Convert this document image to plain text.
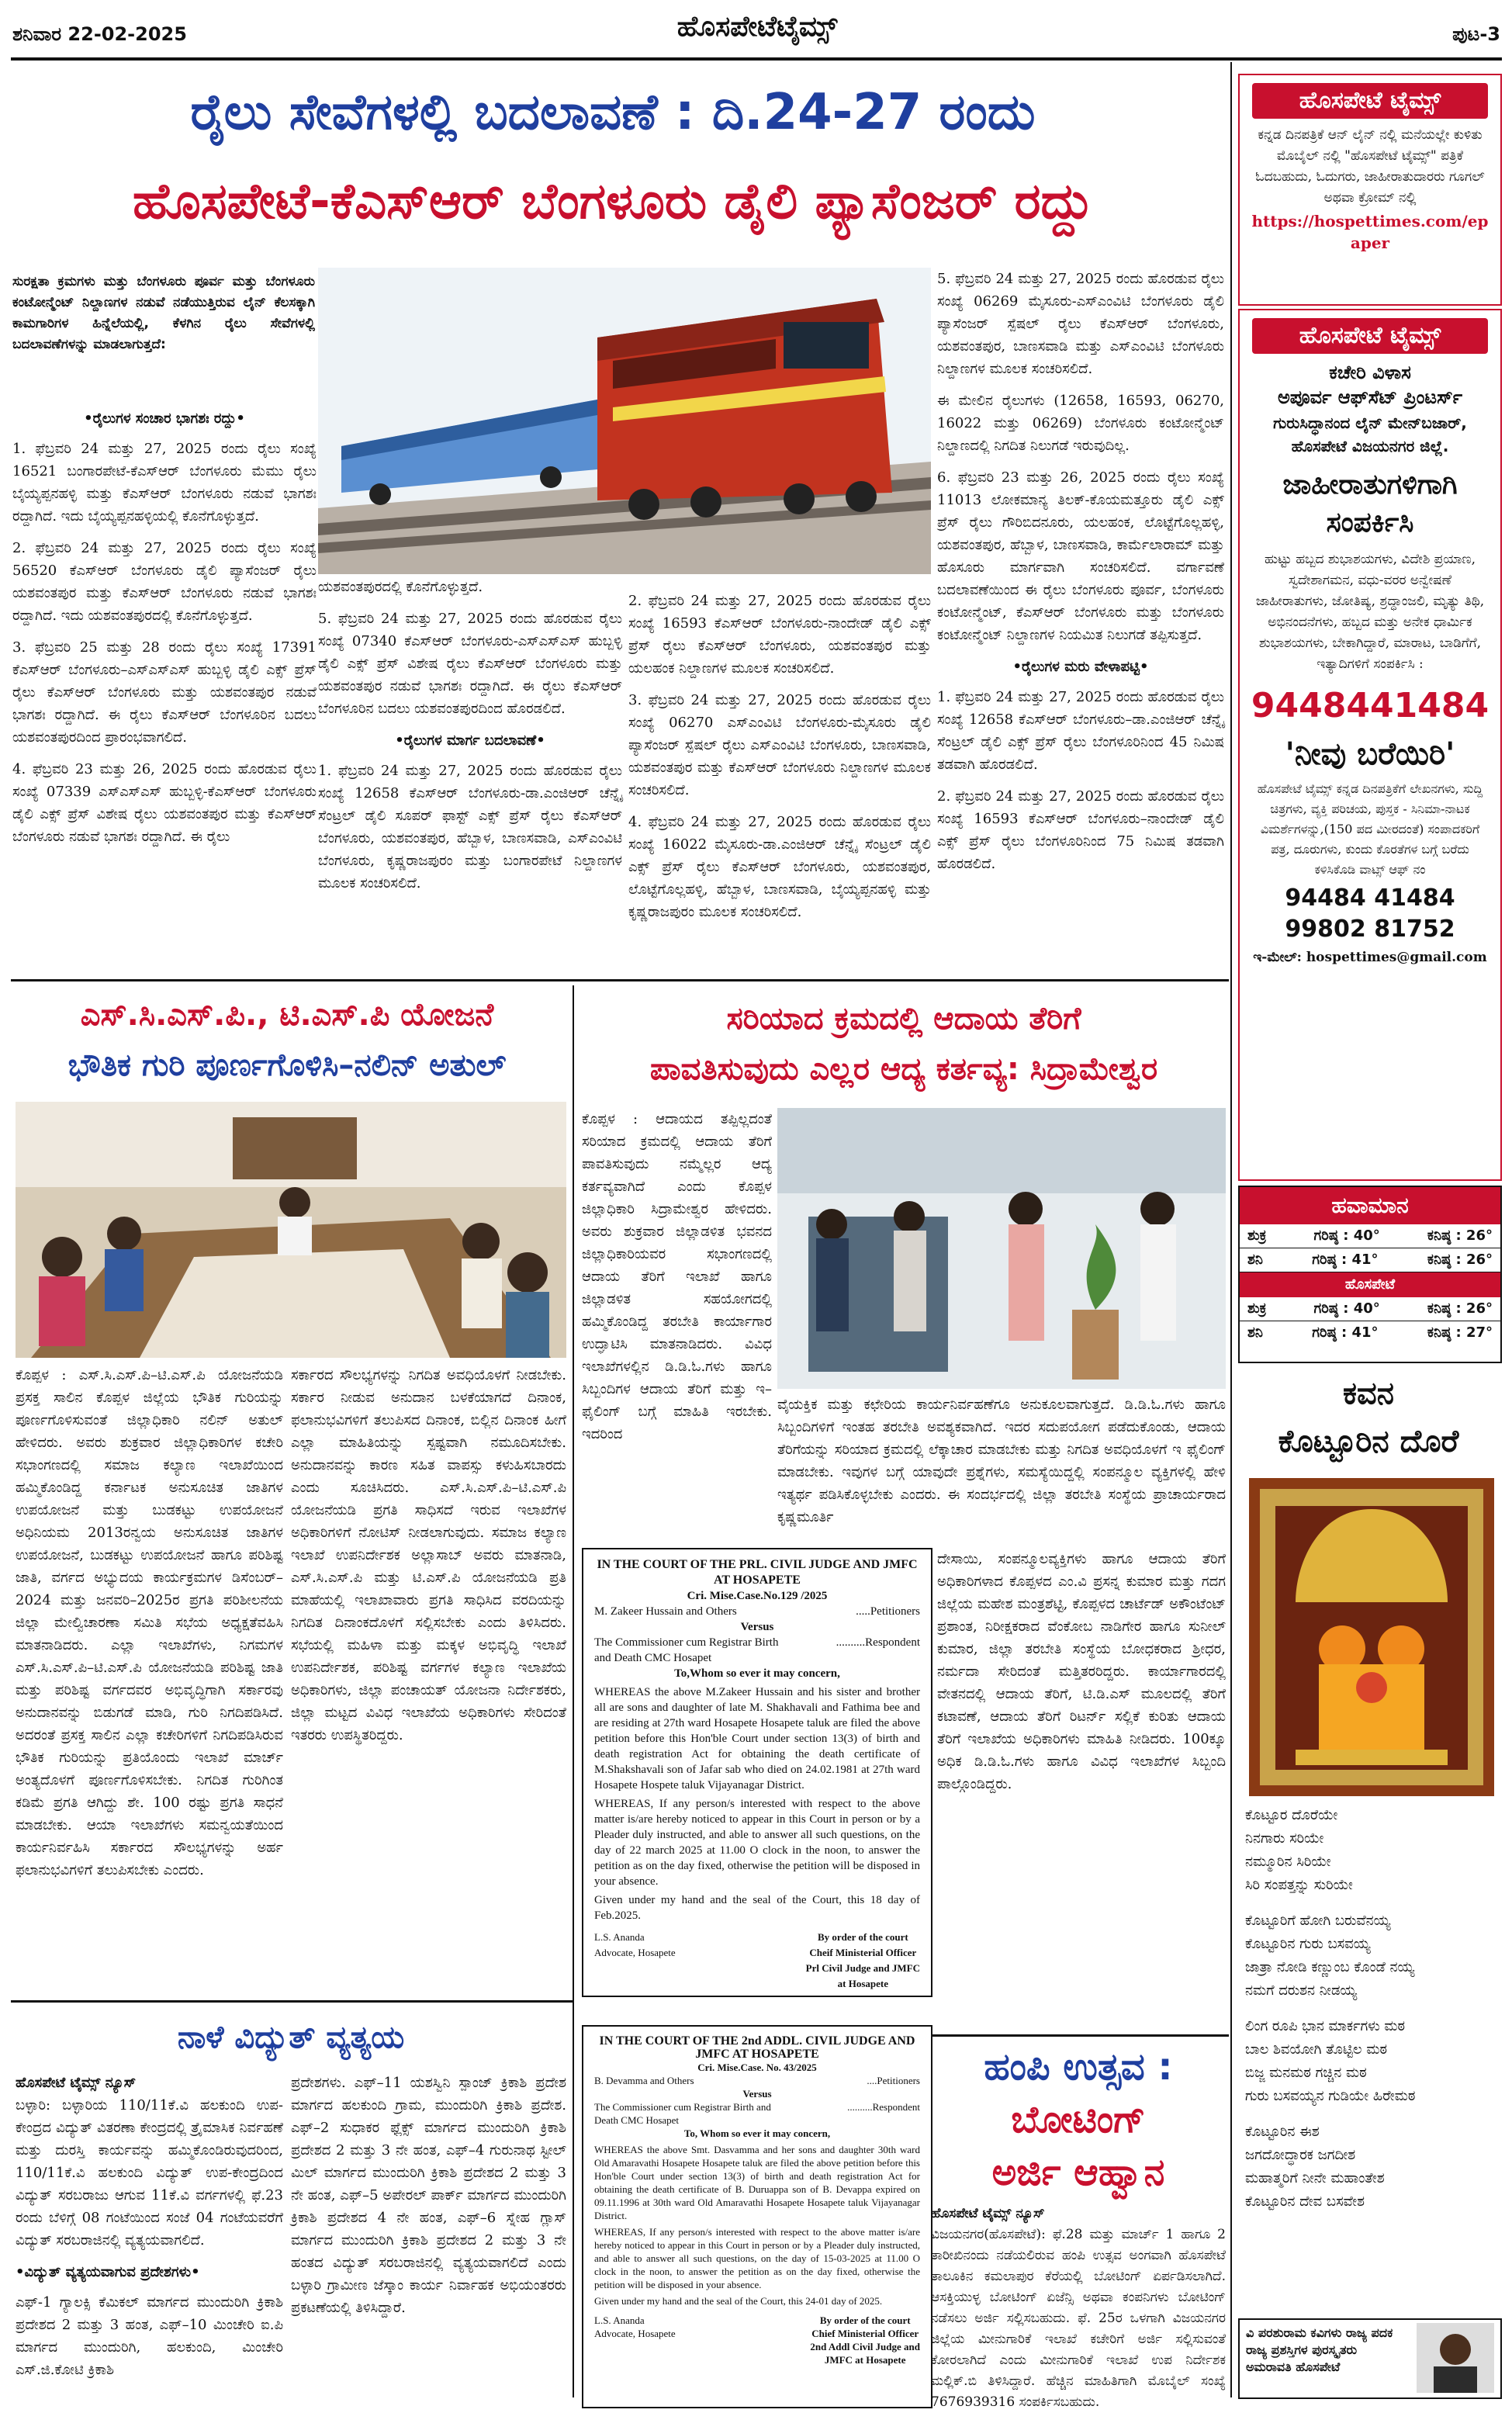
ಶನಿವಾರ 22-02-2025	ಹೊಸಪೇಟೆಟೈಮ್ಸ್	ಪುಟ-3
ರೈಲು ಸೇವೆಗಳಲ್ಲಿ ಬದಲಾವಣೆ : ದಿ.24-27 ರಂದು
ಹೊಸಪೇಟೆ-ಕೆಎಸ್‌ಆರ್ ಬೆಂಗಳೂರು ಡೈಲಿ ಪ್ಯಾಸೆಂಜರ್ ರದ್ದು
ಸುರಕ್ಷತಾ ಕ್ರಮಗಳು ಮತ್ತು ಬೆಂಗಳೂರು ಪೂರ್ವ ಮತ್ತು ಬೆಂಗಳೂರು ಕಂಟೋನ್ಮೆಂಟ್ ನಿಲ್ದಾಣಗಳ ನಡುವೆ ನಡೆಯುತ್ತಿರುವ ಲೈನ್ ಕೆಲಸಕ್ಕಾಗಿ ಕಾಮಗಾರಿಗಳ ಹಿನ್ನೆಲೆಯಲ್ಲಿ, ಕೆಳಗಿನ ರೈಲು ಸೇವೆಗಳಲ್ಲಿ ಬದಲಾವಣೆಗಳನ್ನು ಮಾಡಲಾಗುತ್ತದೆ:
•ರೈಲುಗಳ ಸಂಚಾರ ಭಾಗಶಃ ರದ್ದು•

1. ಫೆಬ್ರವರಿ 24 ಮತ್ತು 27, 2025 ರಂದು ರೈಲು ಸಂಖ್ಯೆ 16521 ಬಂಗಾರಪೇಟೆ-ಕೆಎಸ್ಆರ್ ಬೆಂಗಳೂರು ಮೆಮು ರೈಲು ಬೈಯ್ಯಪ್ಪನಹಳ್ಳಿ ಮತ್ತು ಕೆಎಸ್ಆರ್ ಬೆಂಗಳೂರು ನಡುವೆ ಭಾಗಶಃ ರದ್ದಾಗಿದೆ. ಇದು ಬೈಯ್ಯಪ್ಪನಹಳ್ಳಿಯಲ್ಲಿ ಕೊನೆಗೊಳ್ಳುತ್ತದೆ.

2. ಫೆಬ್ರವರಿ 24 ಮತ್ತು 27, 2025 ರಂದು ರೈಲು ಸಂಖ್ಯೆ 56520 ಕೆಎಸ್ಆರ್ ಬೆಂಗಳೂರು ಡೈಲಿ ಪ್ಯಾಸೆಂಜರ್ ರೈಲು ಯಶವಂತಪುರ ಮತ್ತು ಕೆಎಸ್ಆರ್ ಬೆಂಗಳೂರು ನಡುವೆ ಭಾಗಶಃ ರದ್ದಾಗಿದೆ. ಇದು ಯಶವಂತಪುರದಲ್ಲಿ ಕೊನೆಗೊಳ್ಳುತ್ತದೆ.

3. ಫೆಬ್ರವರಿ 25 ಮತ್ತು 28 ರಂದು ರೈಲು ಸಂಖ್ಯೆ 17391 ಕೆಎಸ್ಆರ್ ಬೆಂಗಳೂರು–ಎಸ್ಎಸ್ಎಸ್ ಹುಬ್ಬಳ್ಳಿ ಡೈಲಿ ಎಕ್ಸ್ ಪ್ರೆಸ್ ರೈಲು ಕೆಎಸ್ಆರ್ ಬೆಂಗಳೂರು ಮತ್ತು ಯಶವಂತಪುರ ನಡುವೆ ಭಾಗಶಃ ರದ್ದಾಗಿದೆ. ಈ ರೈಲು ಕೆಎಸ್ಆರ್ ಬೆಂಗಳೂರಿನ ಬದಲು ಯಶವಂತಪುರದಿಂದ ಪ್ರಾರಂಭವಾಗಲಿದೆ.

4. ಫೆಬ್ರವರಿ 23 ಮತ್ತು 26, 2025 ರಂದು ಹೊರಡುವ ರೈಲು ಸಂಖ್ಯೆ 07339 ಎಸ್ಎಸ್ಎಸ್ ಹುಬ್ಬಳ್ಳಿ-ಕೆಎಸ್ಆರ್ ಬೆಂಗಳೂರು ಡೈಲಿ ಎಕ್ಸ್ ಪ್ರೆಸ್ ವಿಶೇಷ ರೈಲು ಯಶವಂತಪುರ ಮತ್ತು ಕೆಎಸ್ಆರ್ ಬೆಂಗಳೂರು ನಡುವೆ ಭಾಗಶಃ ರದ್ದಾಗಿದೆ. ಈ ರೈಲು

ಯಶವಂತಪುರದಲ್ಲಿ ಕೊನೆಗೊಳ್ಳುತ್ತದೆ.

5. ಫೆಬ್ರವರಿ 24 ಮತ್ತು 27, 2025 ರಂದು ಹೊರಡುವ ರೈಲು ಸಂಖ್ಯೆ 07340 ಕೆಎಸ್ಆರ್ ಬೆಂಗಳೂರು-ಎಸ್ಎಸ್ಎಸ್ ಹುಬ್ಬಳ್ಳಿ ಡೈಲಿ ಎಕ್ಸ್ ಪ್ರೆಸ್ ವಿಶೇಷ ರೈಲು ಕೆಎಸ್ಆರ್ ಬೆಂಗಳೂರು ಮತ್ತು ಯಶವಂತಪುರ ನಡುವೆ ಭಾಗಶಃ ರದ್ದಾಗಿದೆ. ಈ ರೈಲು ಕೆಎಸ್ಆರ್ ಬೆಂಗಳೂರಿನ ಬದಲು ಯಶವಂತಪುರದಿಂದ ಹೊರಡಲಿದೆ.

•ರೈಲುಗಳ ಮಾರ್ಗ ಬದಲಾವಣೆ•

1. ಫೆಬ್ರವರಿ 24 ಮತ್ತು 27, 2025 ರಂದು ಹೊರಡುವ ರೈಲು ಸಂಖ್ಯೆ 12658 ಕೆಎಸ್ಆರ್ ಬೆಂಗಳೂರು-ಡಾ.ಎಂಜಿಆರ್ ಚೆನ್ನೈ ಸೆಂಟ್ರಲ್ ಡೈಲಿ ಸೂಪರ್ ಫಾಸ್ಟ್ ಎಕ್ಸ್ ಪ್ರೆಸ್ ರೈಲು ಕೆಎಸ್ಆರ್ ಬೆಂಗಳೂರು, ಯಶವಂತಪುರ, ಹೆಬ್ಬಾಳ, ಬಾಣಸವಾಡಿ, ಎಸ್ಎಂವಿಟಿ ಬೆಂಗಳೂರು, ಕೃಷ್ಣರಾಜಪುರಂ ಮತ್ತು ಬಂಗಾರಪೇಟೆ ನಿಲ್ದಾಣಗಳ ಮೂಲಕ ಸಂಚರಿಸಲಿದೆ.

2. ಫೆಬ್ರವರಿ 24 ಮತ್ತು 27, 2025 ರಂದು ಹೊರಡುವ ರೈಲು ಸಂಖ್ಯೆ 16593 ಕೆಎಸ್ಆರ್ ಬೆಂಗಳೂರು-ನಾಂದೇಡ್ ಡೈಲಿ ಎಕ್ಸ್ ಪ್ರೆಸ್ ರೈಲು ಕೆಎಸ್ಆರ್ ಬೆಂಗಳೂರು, ಯಶವಂತಪುರ ಮತ್ತು ಯಲಹಂಕ ನಿಲ್ದಾಣಗಳ ಮೂಲಕ ಸಂಚರಿಸಲಿದೆ.

3. ಫೆಬ್ರವರಿ 24 ಮತ್ತು 27, 2025 ರಂದು ಹೊರಡುವ ರೈಲು ಸಂಖ್ಯೆ 06270 ಎಸ್ಎಂವಿಟಿ ಬೆಂಗಳೂರು-ಮೈಸೂರು ಡೈಲಿ ಪ್ಯಾಸೆಂಜರ್ ಸ್ಪೆಷಲ್ ರೈಲು ಎಸ್ಎಂವಿಟಿ ಬೆಂಗಳೂರು, ಬಾಣಸವಾಡಿ, ಯಶವಂತಪುರ ಮತ್ತು ಕೆಎಸ್ಆರ್ ಬೆಂಗಳೂರು ನಿಲ್ದಾಣಗಳ ಮೂಲಕ ಸಂಚರಿಸಲಿದೆ.

4. ಫೆಬ್ರವರಿ 24 ಮತ್ತು 27, 2025 ರಂದು ಹೊರಡುವ ರೈಲು ಸಂಖ್ಯೆ 16022 ಮೈಸೂರು-ಡಾ.ಎಂಜಿಆರ್ ಚೆನ್ನೈ ಸೆಂಟ್ರಲ್ ಡೈಲಿ ಎಕ್ಸ್ ಪ್ರೆಸ್ ರೈಲು ಕೆಎಸ್ಆರ್ ಬೆಂಗಳೂರು, ಯಶವಂತಪುರ, ಲೊಟ್ಟೆಗೊಲ್ಲಹಳ್ಳಿ, ಹೆಬ್ಬಾಳ, ಬಾಣಸವಾಡಿ, ಬೈಯ್ಯಪ್ಪನಹಳ್ಳಿ ಮತ್ತು ಕೃಷ್ಣರಾಜಪುರಂ ಮೂಲಕ ಸಂಚರಿಸಲಿದೆ.

5. ಫೆಬ್ರವರಿ 24 ಮತ್ತು 27, 2025 ರಂದು ಹೊರಡುವ ರೈಲು ಸಂಖ್ಯೆ 06269 ಮೈಸೂರು-ಎಸ್ಎಂವಿಟಿ ಬೆಂಗಳೂರು ಡೈಲಿ ಪ್ಯಾಸೆಂಜರ್ ಸ್ಪೆಷಲ್ ರೈಲು ಕೆಎಸ್ಆರ್ ಬೆಂಗಳೂರು, ಯಶವಂತಪುರ, ಬಾಣಸವಾಡಿ ಮತ್ತು ಎಸ್ಎಂವಿಟಿ ಬೆಂಗಳೂರು ನಿಲ್ದಾಣಗಳ ಮೂಲಕ ಸಂಚರಿಸಲಿದೆ.

ಈ ಮೇಲಿನ ರೈಲುಗಳು (12658, 16593, 06270, 16022 ಮತ್ತು 06269) ಬೆಂಗಳೂರು ಕಂಟೋನ್ಮೆಂಟ್ ನಿಲ್ದಾಣದಲ್ಲಿ ನಿಗದಿತ ನಿಲುಗಡೆ ಇರುವುದಿಲ್ಲ.

6. ಫೆಬ್ರವರಿ 23 ಮತ್ತು 26, 2025 ರಂದು ರೈಲು ಸಂಖ್ಯೆ 11013 ಲೋಕಮಾನ್ಯ ತಿಲಕ್-ಕೊಯಮತ್ತೂರು ಡೈಲಿ ಎಕ್ಸ್ ಪ್ರೆಸ್ ರೈಲು ಗೌರಿಬಿದನೂರು, ಯಲಹಂಕ, ಲೊಟ್ಟೆಗೊಲ್ಲಹಳ್ಳಿ, ಯಶವಂತಪುರ, ಹೆಬ್ಬಾಳ, ಬಾಣಸವಾಡಿ, ಕಾರ್ಮೆಲಾರಾಮ್ ಮತ್ತು ಹೊಸೂರು ಮಾರ್ಗವಾಗಿ ಸಂಚರಿಸಲಿದೆ. ವರ್ಗಾವಣೆ ಬದಲಾವಣೆಯಿಂದ ಈ ರೈಲು ಬೆಂಗಳೂರು ಪೂರ್ವ, ಬೆಂಗಳೂರು ಕಂಟೋನ್ಮೆಂಟ್, ಕೆಎಸ್ಆರ್ ಬೆಂಗಳೂರು ಮತ್ತು ಬೆಂಗಳೂರು ಕಂಟೋನ್ಮೆಂಟ್ ನಿಲ್ದಾಣಗಳ ನಿಯಮಿತ ನಿಲುಗಡೆ ತಪ್ಪಿಸುತ್ತದೆ.

•ರೈಲುಗಳ ಮರು ವೇಳಾಪಟ್ಟಿ•

1. ಫೆಬ್ರವರಿ 24 ಮತ್ತು 27, 2025 ರಂದು ಹೊರಡುವ ರೈಲು ಸಂಖ್ಯೆ 12658 ಕೆಎಸ್ಆರ್ ಬೆಂಗಳೂರು–ಡಾ.ಎಂಜಿಆರ್ ಚೆನ್ನೈ ಸೆಂಟ್ರಲ್ ಡೈಲಿ ಎಕ್ಸ್ ಪ್ರೆಸ್ ರೈಲು ಬೆಂಗಳೂರಿನಿಂದ 45 ನಿಮಿಷ ತಡವಾಗಿ ಹೊರಡಲಿದೆ.

2. ಫೆಬ್ರವರಿ 24 ಮತ್ತು 27, 2025 ರಂದು ಹೊರಡುವ ರೈಲು ಸಂಖ್ಯೆ 16593 ಕೆಎಸ್ಆರ್ ಬೆಂಗಳೂರು–ನಾಂದೇಡ್ ಡೈಲಿ ಎಕ್ಸ್ ಪ್ರೆಸ್ ರೈಲು ಬೆಂಗಳೂರಿನಿಂದ 75 ನಿಮಿಷ ತಡವಾಗಿ ಹೊರಡಲಿದೆ.

ಎಸ್.ಸಿ.ಎಸ್.ಪಿ., ಟಿ.ಎಸ್.ಪಿ ಯೋಜನೆ
ಭೌತಿಕ ಗುರಿ ಪೂರ್ಣಗೊಳಿಸಿ–ನಲಿನ್ ಅತುಲ್
ಕೊಪ್ಪಳ : ಎಸ್.ಸಿ.ಎಸ್.ಪಿ–ಟಿ.ಎಸ್.ಪಿ ಯೋಜನೆಯಡಿ ಪ್ರಸಕ್ತ ಸಾಲಿನ ಕೊಪ್ಪಳ ಜಿಲ್ಲೆಯ ಭೌತಿಕ ಗುರಿಯನ್ನು ಪೂರ್ಣಗೊಳಿಸುವಂತೆ ಜಿಲ್ಲಾಧಿಕಾರಿ ನಲಿನ್ ಅತುಲ್ ಹೇಳಿದರು. ಅವರು ಶುಕ್ರವಾರ ಜಿಲ್ಲಾಧಿಕಾರಿಗಳ ಕಚೇರಿ ಸಭಾಂಗಣದಲ್ಲಿ ಸಮಾಜ ಕಲ್ಯಾಣ ಇಲಾಖೆಯಿಂದ ಹಮ್ಮಿಕೊಂಡಿದ್ದ ಕರ್ನಾಟಕ ಅನುಸೂಚಿತ ಜಾತಿಗಳ ಉಪಯೋಜನೆ ಮತ್ತು ಬುಡಕಟ್ಟು ಉಪಯೋಜನೆ ಅಧಿನಿಯಮ 2013ರನ್ವಯ ಅನುಸೂಚಿತ ಜಾತಿಗಳ ಉಪಯೋಜನೆ, ಬುಡಕಟ್ಟು ಉಪಯೋಜನೆ ಹಾಗೂ ಪರಿಶಿಷ್ಟ ಜಾತಿ, ವರ್ಗದ ಅಭ್ಯುದಯ ಕಾರ್ಯಕ್ರಮಗಳ ಡಿಸೆಂಬರ್–2024 ಮತ್ತು ಜನವರಿ–2025ರ ಪ್ರಗತಿ ಪರಿಶೀಲನೆಯ ಜಿಲ್ಲಾ ಮೇಲ್ವಿಚಾರಣಾ ಸಮಿತಿ ಸಭೆಯ ಅಧ್ಯಕ್ಷತೆವಹಿಸಿ ಮಾತನಾಡಿದರು. ಎಲ್ಲಾ ಇಲಾಖೆಗಳು, ನಿಗಮಗಳ ಎಸ್.ಸಿ.ಎಸ್.ಪಿ–ಟಿ.ಎಸ್.ಪಿ ಯೋಜನೆಯಡಿ ಪರಿಶಿಷ್ಟ ಜಾತಿ ಮತ್ತು ಪರಿಶಿಷ್ಟ ವರ್ಗದವರ ಅಭಿವೃದ್ಧಿಗಾಗಿ ಸರ್ಕಾರವು ಅನುದಾನವನ್ನು ಬಿಡುಗಡೆ ಮಾಡಿ, ಗುರಿ ನಿಗದಿಪಡಿಸಿದೆ. ಅದರಂತೆ ಪ್ರಸಕ್ತ ಸಾಲಿನ ಎಲ್ಲಾ ಕಚೇರಿಗಳಿಗೆ ನಿಗದಿಪಡಿಸಿರುವ ಭೌತಿಕ ಗುರಿಯನ್ನು ಪ್ರತಿಯೊಂದು ಇಲಾಖೆ ಮಾರ್ಚ್ ಅಂತ್ಯದೊಳಗೆ ಪೂರ್ಣಗೊಳಿಸಬೇಕು. ನಿಗದಿತ ಗುರಿಗಿಂತ ಕಡಿಮೆ ಪ್ರಗತಿ ಆಗಿದ್ದು ಶೇ. 100 ರಷ್ಟು ಪ್ರಗತಿ ಸಾಧನೆ ಮಾಡಬೇಕು. ಆಯಾ ಇಲಾಖೆಗಳು ಸಮನ್ವಯತೆಯಿಂದ ಕಾರ್ಯನಿರ್ವಹಿಸಿ ಸರ್ಕಾರದ ಸೌಲಭ್ಯಗಳನ್ನು ಅರ್ಹ ಫಲಾನುಭವಿಗಳಿಗೆ ತಲುಪಿಸಬೇಕು ಎಂದರು.
ಸರ್ಕಾರದ ಸೌಲಭ್ಯಗಳನ್ನು ನಿಗದಿತ ಅವಧಿಯೊಳಗೆ ನೀಡಬೇಕು. ಸರ್ಕಾರ ನೀಡುವ ಅನುದಾನ ಬಳಕೆಯಾಗದೆ ದಿನಾಂಕ, ಫಲಾನುಭವಿಗಳಿಗೆ ತಲುಪಿಸದ ದಿನಾಂಕ, ಬಿಲ್ಲಿನ ದಿನಾಂಕ ಹೀಗೆ ಎಲ್ಲಾ ಮಾಹಿತಿಯನ್ನು ಸ್ಪಷ್ಟವಾಗಿ ನಮೂದಿಸಬೇಕು. ಅನುದಾನವನ್ನು ಕಾರಣ ಸಹಿತ ವಾಪಸ್ಸು ಕಳುಹಿಸಬಾರದು ಎಂದು ಸೂಚಿಸಿದರು. ಎಸ್.ಸಿ.ಎಸ್.ಪಿ–ಟಿ.ಎಸ್.ಪಿ ಯೋಜನೆಯಡಿ ಪ್ರಗತಿ ಸಾಧಿಸದೆ ಇರುವ ಇಲಾಖೆಗಳ ಅಧಿಕಾರಿಗಳಿಗೆ ನೋಟಿಸ್ ನೀಡಲಾಗುವುದು. ಸಮಾಜ ಕಲ್ಯಾಣ ಇಲಾಖೆ ಉಪನಿರ್ದೇಶಕ ಅಲ್ಲಾಸಾಬ್ ಅವರು ಮಾತನಾಡಿ, ಎಸ್.ಸಿ.ಎಸ್.ಪಿ ಮತ್ತು ಟಿ.ಎಸ್.ಪಿ ಯೋಜನೆಯಡಿ ಪ್ರತಿ ಮಾಹೆಯಲ್ಲಿ ಇಲಾಖಾವಾರು ಪ್ರಗತಿ ಸಾಧಿಸಿದ ವರದಿಯನ್ನು ನಿಗದಿತ ದಿನಾಂಕದೊಳಗೆ ಸಲ್ಲಿಸಬೇಕು ಎಂದು ತಿಳಿಸಿದರು. ಸಭೆಯಲ್ಲಿ ಮಹಿಳಾ ಮತ್ತು ಮಕ್ಕಳ ಅಭಿವೃದ್ಧಿ ಇಲಾಖೆ ಉಪನಿರ್ದೇಶಕ, ಪರಿಶಿಷ್ಟ ವರ್ಗಗಳ ಕಲ್ಯಾಣ ಇಲಾಖೆಯ ಅಧಿಕಾರಿಗಳು, ಜಿಲ್ಲಾ ಪಂಚಾಯತ್ ಯೋಜನಾ ನಿರ್ದೇಶಕರು, ಜಿಲ್ಲಾ ಮಟ್ಟದ ವಿವಿಧ ಇಲಾಖೆಯ ಅಧಿಕಾರಿಗಳು ಸೇರಿದಂತೆ ಇತರರು ಉಪಸ್ಥಿತರಿದ್ದರು.
ಸರಿಯಾದ ಕ್ರಮದಲ್ಲಿ ಆದಾಯ ತೆರಿಗೆ
ಪಾವತಿಸುವುದು ಎಲ್ಲರ ಆದ್ಯ ಕರ್ತವ್ಯ: ಸಿದ್ರಾಮೇಶ್ವರ
ಕೊಪ್ಪಳ : ಆದಾಯದ ತಪ್ಪಿಲ್ಲದಂತೆ ಸರಿಯಾದ ಕ್ರಮದಲ್ಲಿ ಆದಾಯ ತೆರಿಗೆ ಪಾವತಿಸುವುದು ನಮ್ಮೆಲ್ಲರ ಆದ್ಯ ಕರ್ತವ್ಯವಾಗಿದೆ ಎಂದು ಕೊಪ್ಪಳ ಜಿಲ್ಲಾಧಿಕಾರಿ ಸಿದ್ರಾಮೇಶ್ವರ ಹೇಳಿದರು. ಅವರು ಶುಕ್ರವಾರ ಜಿಲ್ಲಾಡಳಿತ ಭವನದ ಜಿಲ್ಲಾಧಿಕಾರಿಯವರ ಸಭಾಂಗಣದಲ್ಲಿ ಆದಾಯ ತೆರಿಗೆ ಇಲಾಖೆ ಹಾಗೂ ಜಿಲ್ಲಾಡಳಿತ ಸಹಯೋಗದಲ್ಲಿ ಹಮ್ಮಿಕೊಂಡಿದ್ದ ತರಬೇತಿ ಕಾರ್ಯಾಗಾರ ಉದ್ಘಾಟಿಸಿ ಮಾತನಾಡಿದರು. ವಿವಿಧ ಇಲಾಖೆಗಳಲ್ಲಿನ ಡಿ.ಡಿ.ಓ.ಗಳು ಹಾಗೂ ಸಿಬ್ಬಂದಿಗಳ ಆದಾಯ ತೆರಿಗೆ ಮತ್ತು ಇ–ಫೈಲಿಂಗ್ ಬಗ್ಗೆ ಮಾಹಿತಿ ಇರಬೇಕು. ಇದರಿಂದ
ವೈಯಕ್ತಿಕ ಮತ್ತು ಕಛೇರಿಯ ಕಾರ್ಯನಿರ್ವಹಣೆಗೂ ಅನುಕೂಲವಾಗುತ್ತದೆ. ಡಿ.ಡಿ.ಓ.ಗಳು ಹಾಗೂ ಸಿಬ್ಬಂದಿಗಳಿಗೆ ಇಂತಹ ತರಬೇತಿ ಅವಶ್ಯಕವಾಗಿದೆ. ಇದರ ಸದುಪಯೋಗ ಪಡೆದುಕೊಂಡು, ಆದಾಯ ತೆರಿಗೆಯನ್ನು ಸರಿಯಾದ ಕ್ರಮದಲ್ಲಿ ಲೆಕ್ಕಾಚಾರ ಮಾಡಬೇಕು ಮತ್ತು ನಿಗದಿತ ಅವಧಿಯೊಳಗೆ ಇ ಫೈಲಿಂಗ್ ಮಾಡಬೇಕು. ಇವುಗಳ ಬಗ್ಗೆ ಯಾವುದೇ ಪ್ರಶ್ನೆಗಳು, ಸಮಸ್ಯೆಯಿದ್ದಲ್ಲಿ ಸಂಪನ್ಮೂಲ ವ್ಯಕ್ತಿಗಳಲ್ಲಿ ಹೇಳಿ ಇತ್ಯರ್ಥ ಪಡಿಸಿಕೊಳ್ಳಬೇಕು ಎಂದರು. ಈ ಸಂದರ್ಭದಲ್ಲಿ ಜಿಲ್ಲಾ ತರಬೇತಿ ಸಂಸ್ಥೆಯ ಪ್ರಾಚಾರ್ಯರಾದ ಕೃಷ್ಣಮೂರ್ತಿ
ದೇಸಾಯಿ, ಸಂಪನ್ಮೂಲವ್ಯಕ್ತಿಗಳು ಹಾಗೂ ಆದಾಯ ತೆರಿಗೆ ಅಧಿಕಾರಿಗಳಾದ ಕೊಪ್ಪಳದ ಎಂ.ವಿ ಪ್ರಸನ್ನ ಕುಮಾರ ಮತ್ತು ಗದಗ ಜಿಲ್ಲೆಯ ಮಹೇಶ ಮಂತ್ರಶೆಟ್ಟಿ, ಕೊಪ್ಪಳದ ಚಾರ್ಟೆಡ್ ಅಕೌಂಟೆಂಟ್ ಪ್ರಶಾಂತ, ನಿರೀಕ್ಷಕರಾದ ವೆಂಕೋಬ ನಾಡಿಗೇರ ಹಾಗೂ ಸುನೀಲ್ ಕುಮಾರ, ಜಿಲ್ಲಾ ತರಬೇತಿ ಸಂಸ್ಥೆಯ ಬೋಧಕರಾದ ಶ್ರೀಧರ, ನರ್ಮದಾ ಸೇರಿದಂತೆ ಮತ್ತಿತರರಿದ್ದರು. ಕಾರ್ಯಾಗಾರದಲ್ಲಿ ವೇತನದಲ್ಲಿ ಆದಾಯ ತೆರಿಗೆ, ಟಿ.ಡಿ.ಎಸ್ ಮೂಲದಲ್ಲಿ ತೆರಿಗೆ ಕಟಾವಣೆ, ಆದಾಯ ತೆರಿಗೆ ರಿಟರ್ನ್ ಸಲ್ಲಿಕೆ ಕುರಿತು ಆದಾಯ ತೆರಿಗೆ ಇಲಾಖೆಯ ಅಧಿಕಾರಿಗಳು ಮಾಹಿತಿ ನೀಡಿದರು. 100ಕ್ಕೂ ಅಧಿಕ ಡಿ.ಡಿ.ಓ.ಗಳು ಹಾಗೂ ವಿವಿಧ ಇಲಾಖೆಗಳ ಸಿಬ್ಬಂದಿ ಪಾಲ್ಗೊಂಡಿದ್ದರು.
IN THE COURT OF THE PRL. CIVIL JUDGE AND JMFC AT HOSAPETE
Cri. Mise.Case.No.129 /2025
M. Zakeer Hussain and Others	.....Petitioners
Versus
The Commissioner cum Registrar Birth and Death CMC Hosapet
..........Respondent
To,Whom so ever it may concern,

WHEREAS the above M.Zakeer Hussain and his sister and brother all are sons and daughter of late M. Shakhavali and Fathima bee and are residing at 27th ward Hosapete Hosapete taluk are filed the above petition before this Hon'ble Court under section 13(3) of birth and death registration Act for obtaining the death certificate of M.Shakshavali son of Jafar sab who died on 24.02.1981 at 27th ward Hosapete Hospete taluk Vijayanagar District.

WHEREAS, If any person/s interested with respect to the above matter is/are hereby noticed to appear in this Court in person or by a Pleader duly instructed, and able to answer all such questions, on the day of 22 march 2025 at 11.00 O clock in the noon, to answer the petition as on the day fixed, otherwise the petition will be disposed in your absence.

Given under my hand and the seal of the Court, this 18 day of Feb.2025.

L.S. Ananda
Advocate, Hosapete
By order of the court
Cheif Ministerial Officer
Prl Civil Judge and JMFC
at Hosapete
IN THE COURT OF THE 2nd ADDL. CIVIL JUDGE AND JMFC AT HOSAPETE
Cri. Mise.Case. No. 43/2025
B. Devamma and Others	....Petitioners
Versus
The Commissioner cum Registrar Birth and Death CMC Hosapet
..........Respondent
To, Whom so ever it may concern,

WHEREAS the above Smt. Dasvamma and her sons and daughter 30th ward Old Amaravathi Hosapete Hosapete taluk are filed the above petition before this Hon'ble Court under section 13(3) of birth and death registration Act for obtaining the death certificate of B. Duruappa son of B. Devappa expired on 09.11.1996 at 30th ward Old Amaravathi Hosapete Hosapete taluk Vijayanagar District.

WHEREAS, If any person/s interested with respect to the above matter is/are hereby noticed to appear in this Court in person or by a Pleader duly instructed, and able to answer all such questions, on the day of 15-03-2025 at 11.00 O clock in the noon, to answer the petition as on the day fixed, otherwise the petition will be disposed in your absence.

Given under my hand and the seal of the Court, this 24-01 day of 2025.

L.S. Ananda
Advocate, Hosapete
By order of the court
Chief Ministerial Officer
2nd Addl Civil Judge and
JMFC at Hosapete
ನಾಳೆ ವಿದ್ಯುತ್ ವ್ಯತ್ಯಯ
ಹೊಸಪೇಟೆ ಟೈಮ್ಸ್ ನ್ಯೂಸ್

ಬಳ್ಳಾರಿ: ಬಳ್ಳಾರಿಯ 110/11ಕೆ.ವಿ ಹಲಕುಂದಿ ಉಪ-ಕೇಂದ್ರದ ವಿದ್ಯುತ್ ವಿತರಣಾ ಕೇಂದ್ರದಲ್ಲಿ ತ್ರೈಮಾಸಿಕ ನಿರ್ವಹಣೆ ಮತ್ತು ದುರಸ್ತಿ ಕಾರ್ಯವನ್ನು ಹಮ್ಮಿಕೊಂಡಿರುವುದರಿಂದ, 110/11ಕೆ.ವಿ ಹಲಕುಂದಿ ವಿದ್ಯುತ್ ಉಪ-ಕೇಂದ್ರದಿಂದ ವಿದ್ಯುತ್ ಸರಬರಾಜು ಆಗುವ 11ಕೆ.ವಿ ವರ್ಗಗಳಲ್ಲಿ ಫೆ.23 ರಂದು ಬೆಳಿಗ್ಗೆ 08 ಗಂಟೆಯಿಂದ ಸಂಜೆ 04 ಗಂಟೆಯವರೆಗೆ ವಿದ್ಯುತ್ ಸರಬರಾಜಿನಲ್ಲಿ ವ್ಯತ್ಯಯವಾಗಲಿದೆ.

•ವಿದ್ಯುತ್ ವ್ಯತ್ಯಯವಾಗುವ ಪ್ರದೇಶಗಳು•

ಎಫ್-1 ಗ್ಯಾಲಕ್ಸಿ ಕೆಮಿಕಲ್ ಮಾರ್ಗದ ಮುಂದುರಿಗಿ ಕ್ರಿಕಾಶಿ ಪ್ರದೇಶದ 2 ಮತ್ತು 3 ಹಂತ, ಎಫ್–10 ಮಿಂಚೇರಿ ಐ.ಪಿ ಮಾರ್ಗದ ಮುಂದುರಿಗಿ, ಹಲಕುಂದಿ, ಮಿಂಚೇರಿ ಎಸ್.ಜಿ.ಕೋಟಿ ಕ್ರಿಕಾಶಿ

ಪ್ರದೇಶಗಳು. ಎಫ್–11 ಯಶಸ್ವಿನಿ ಸ್ಪಾಂಜ್ ಕ್ರಿಕಾಶಿ ಪ್ರದೇಶ ಮಾರ್ಗದ ಹಲಕುಂದಿ ಗ್ರಾಮ, ಮುಂದುರಿಗಿ ಕ್ರಿಕಾಶಿ ಪ್ರದೇಶ. ಎಫ್–2 ಸುಧಾಕರ ಫ್ಲೆಕ್ಸ್ ಮಾರ್ಗದ ಮುಂದುರಿಗಿ ಕ್ರಿಕಾಶಿ ಪ್ರದೇಶದ 2 ಮತ್ತು 3 ನೇ ಹಂತ, ಎಫ್–4 ಗುರುನಾಥ ಸ್ಟೀಲ್ ಮಿಲ್ ಮಾರ್ಗದ ಮುಂದುರಿಗಿ ಕ್ರಿಕಾಶಿ ಪ್ರದೇಶದ 2 ಮತ್ತು 3 ನೇ ಹಂತ, ಎಫ್–5 ಅಪೇರಲ್ ಪಾರ್ಕ್ ಮಾರ್ಗದ ಮುಂದುರಿಗಿ ಕ್ರಿಕಾಶಿ ಪ್ರದೇಶದ 4 ನೇ ಹಂತ, ಎಫ್–6 ಸ್ನೇಹ ಗ್ಲಾಸ್ ಮಾರ್ಗದ ಮುಂದುರಿಗಿ ಕ್ರಿಕಾಶಿ ಪ್ರದೇಶದ 2 ಮತ್ತು 3 ನೇ ಹಂತದ ವಿದ್ಯುತ್ ಸರಬರಾಜಿನಲ್ಲಿ ವ್ಯತ್ಯಯವಾಗಲಿದೆ ಎಂದು ಬಳ್ಳಾರಿ ಗ್ರಾಮೀಣ ಜೆಸ್ಕಾಂ ಕಾರ್ಯ ನಿರ್ವಾಹಕ ಅಭಿಯಂತರರು ಪ್ರಕಟಣೆಯಲ್ಲಿ ತಿಳಿಸಿದ್ದಾರೆ.
ಹಂಪಿ ಉತ್ಸವ :
ಬೋಟಿಂಗ್
ಅರ್ಜಿ ಆಹ್ವಾನ
ಹೊಸಪೇಟೆ ಟೈಮ್ಸ್ ನ್ಯೂಸ್

ವಿಜಯನಗರ(ಹೊಸಪೇಟೆ): ಫೆ.28 ಮತ್ತು ಮಾರ್ಚ್ 1 ಹಾಗೂ 2 ತಾರೀಖಿನಂದು ನಡೆಯಲಿರುವ ಹಂಪಿ ಉತ್ಸವ ಅಂಗವಾಗಿ ಹೊಸಪೇಟೆ ತಾಲೂಕಿನ ಕಮಲಾಪುರ ಕೆರೆಯಲ್ಲಿ ಬೋಟಿಂಗ್ ಏರ್ಪಡಿಸಲಾಗಿದೆ. ಆಸಕ್ತಿಯುಳ್ಳ ಬೋಟಿಂಗ್ ಏಜೆನ್ಸಿ ಅಥವಾ ಕಂಪನಿಗಳು ಬೋಟಿಂಗ್ ನಡೆಸಲು ಅರ್ಜಿ ಸಲ್ಲಿಸಬಹುದು. ಫೆ. 25ರ ಒಳಗಾಗಿ ವಿಜಯನಗರ ಜಿಲ್ಲೆಯ ಮೀನುಗಾರಿಕೆ ಇಲಾಖೆ ಕಚೇರಿಗೆ ಅರ್ಜಿ ಸಲ್ಲಿಸುವಂತೆ ಕೋರಲಾಗಿದೆ ಎಂದು ಮೀನುಗಾರಿಕೆ ಇಲಾಖೆ ಉಪ ನಿರ್ದೇಶಕ ಮಲ್ಲಿಕ್.ಬಿ ತಿಳಿಸಿದ್ದಾರೆ. ಹೆಚ್ಚಿನ ಮಾಹಿತಿಗಾಗಿ ಮೊಬೈಲ್ ಸಂಖ್ಯೆ 7676939316 ಸಂಪರ್ಕಿಸಬಹುದು.

ಹೊಸಪೇಟೆ ಟೈಮ್ಸ್
ಕನ್ನಡ ದಿನಪತ್ರಿಕೆ ಆನ್ ಲೈನ್ ನಲ್ಲಿ ಮನೆಯಲ್ಲೇ ಕುಳಿತು ಮೊಬೈಲ್ ನಲ್ಲಿ "ಹೊಸಪೇಟೆ ಟೈಮ್ಸ್" ಪತ್ರಿಕೆ ಓದಬಹುದು, ಓದುಗರು, ಜಾಹೀರಾತುದಾರರು ಗೂಗಲ್ ಅಥವಾ ಕ್ರೋಮ್ ನಲ್ಲಿ
https://hospettimes.com/epaper
ಹೊಸಪೇಟೆ ಟೈಮ್ಸ್
ಕಚೇರಿ ವಿಳಾಸ
ಅಪೂರ್ವ ಆಫ್‌ಸೆಟ್ ಪ್ರಿಂಟರ್ಸ್
ಗುರುಸಿದ್ಧಾನಂದ ಲೈನ್ ಮೇನ್‌ಬಜಾರ್, ಹೊಸಪೇಟೆ ವಿಜಯನಗರ ಜಿಲ್ಲೆ.
ಜಾಹೀರಾತುಗಳಿಗಾಗಿ
ಸಂಪರ್ಕಿಸಿ
ಹುಟ್ಟು ಹಬ್ಬದ ಶುಭಾಶಯಗಳು, ವಿದೇಶಿ ಪ್ರಯಾಣ, ಸ್ವದೇಶಾಗಮನ, ವಧು-ವರರ ಅನ್ವೇಷಣೆ ಜಾಹೀರಾತುಗಳು, ಜೋತಿಷ್ಯ, ಶ್ರದ್ಧಾಂಜಲಿ, ಮೃತ್ಯು ತಿಥಿ, ಅಭಿನಂದನೆಗಳು, ಹಬ್ಬದ ಮತ್ತು ಅನೇಕ ಧಾರ್ಮಿಕ ಶುಭಾಶಯಗಳು, ಬೇಕಾಗಿದ್ದಾರೆ, ಮಾರಾಟ, ಬಾಡಿಗೆಗೆ, ಇತ್ಯಾದಿಗಳಿಗೆ ಸಂಪರ್ಕಿಸಿ :
9448441484
'ನೀವು ಬರೆಯಿರಿ'
ಹೊಸಪೇಟೆ ಟೈಮ್ಸ್ ಕನ್ನಡ ದಿನಪತ್ರಿಕೆಗೆ ಲೇಖನಗಳು, ಸುದ್ದಿ ಚಿತ್ರಗಳು, ವ್ಯಕ್ತಿ ಪರಿಚಯ, ಪುಸ್ತಕ - ಸಿನಿಮಾ-ನಾಟಕ ವಿಮರ್ಶೆಗಳನ್ನು,(150 ಪದ ಮೀರದಂತೆ) ಸಂಪಾದಕರಿಗೆ ಪತ್ರ, ದೂರುಗಳು, ಕುಂದು ಕೊರತೆಗಳ ಬಗ್ಗೆ ಬರೆದು ಕಳಿಸಿಕೊಡಿ ವಾಟ್ಸ್ ಆಫ್ ನಂ
94484 41484
99802 81752
ಇ-ಮೇಲ್: hospettimes@gmail.com
ಹವಾಮಾನ
ಶುಕ್ರ	ಗರಿಷ್ಠ : 40°	ಕನಿಷ್ಠ : 26°
ಶನಿ	ಗರಿಷ್ಠ : 41°	ಕನಿಷ್ಠ : 26°
ಹೊಸಪೇಟೆ
ಶುಕ್ರ	ಗರಿಷ್ಠ : 40°	ಕನಿಷ್ಠ : 26°
ಶನಿ	ಗರಿಷ್ಠ : 41°	ಕನಿಷ್ಠ : 27°
ಕವನ
ಕೊಟ್ಟೂರಿನ ದೊರೆ
ಕೊಟ್ಟೂರ ದೊರೆಯೇ
ನಿನಗಾರು ಸರಿಯೇ
ನಮ್ಮೂರಿನ ಸಿರಿಯೇ
ಸಿರಿ ಸಂಪತ್ತನ್ನು ಸುರಿಯೇ
ಕೊಟ್ಟೂರಿಗೆ ಹೋಗಿ ಬರುವೆನಯ್ಯ
ಕೊಟ್ಟೂರಿನ ಗುರು ಬಸವಯ್ಯ
ಜಾತ್ರಾ ನೋಡಿ ಕಣ್ಣುಂಬ ಕೊಂಡೆ ನಯ್ಯ
ನಮಗೆ ದರುಶನ ನೀಡಯ್ಯ
ಲಿಂಗ ರೂಪಿ ಭಾನ ಮಾರ್ಕಗಳು ಮಠ
ಬಾಲ ಶಿವಯೋಗಿ ತೊಟ್ಟಿಲ ಮಠ
ಬಿಜ್ಜ ಮನಮಠ ಗಚ್ಚಿನ ಮಠ
ಗುರು ಬಸವಯ್ಯನ ಗುಡಿಯೇ ಹಿರೇಮಠ
ಕೊಟ್ಟೂರಿನ ಈಶ
ಜಗದೋದ್ಧಾರಕ ಜಗದೀಶ
ಮಹಾತ್ಮರಿಗೆ ನೀನೇ ಮಹಾಂತೇಶ
ಕೊಟ್ಟೂರಿನ ದೇವ ಬಸವೇಶ
ವಿ ಪರಶುರಾಮ ಕವಿಗಳು ರಾಜ್ಯ ಪದಕ ರಾಜ್ಯ ಪ್ರಶಸ್ತಿಗಳ ಪುರಸ್ಕೃತರು ಅಮರಾವತಿ ಹೊಸಪೇಟೆ
